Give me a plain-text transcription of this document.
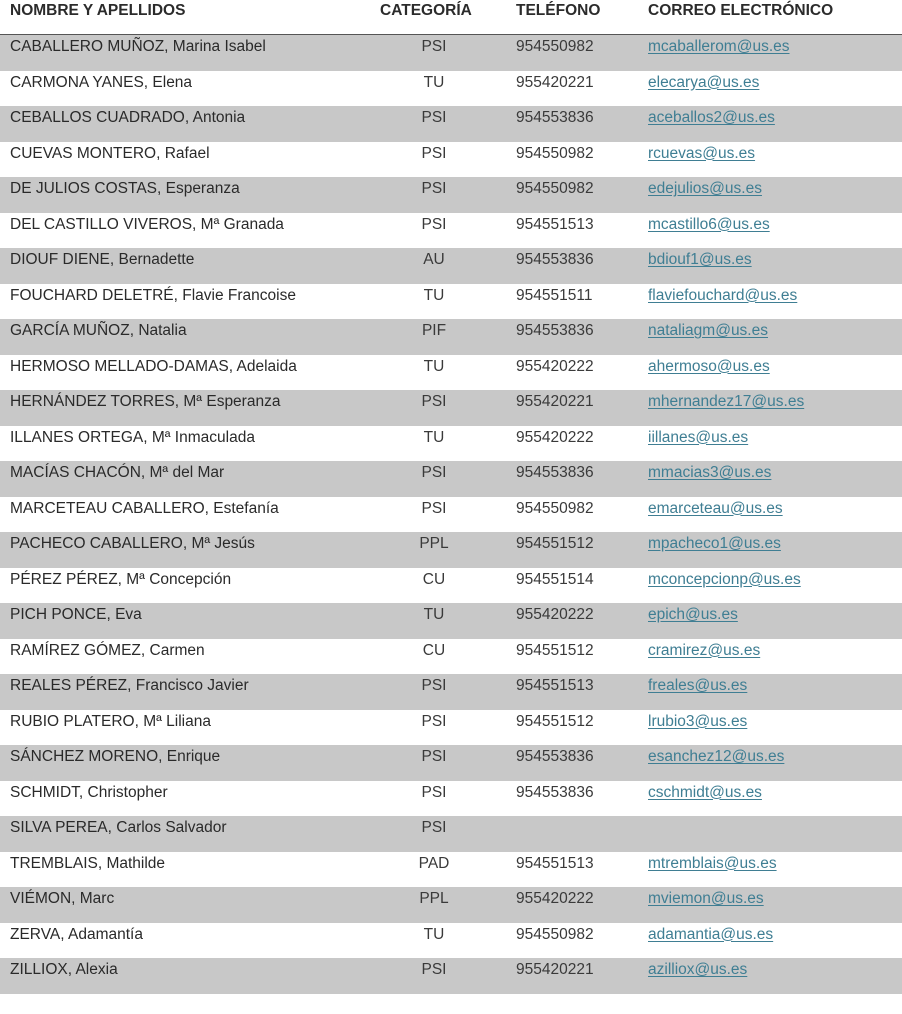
NOMBRE Y APELLIDOS	CATEGORÍA	TELÉFONO	CORREO ELECTRÓNICO
CABALLERO MUÑOZ, Marina Isabel	PSI	954550982	mcaballerom@us.es
CARMONA YANES, Elena	TU	955420221	elecarya@us.es
CEBALLOS CUADRADO, Antonia	PSI	954553836	aceballos2@us.es
CUEVAS MONTERO, Rafael	PSI	954550982	rcuevas@us.es
DE JULIOS COSTAS, Esperanza	PSI	954550982	edejulios@us.es
DEL CASTILLO VIVEROS, Mª Granada	PSI	954551513	mcastillo6@us.es
DIOUF DIENE, Bernadette	AU	954553836	bdiouf1@us.es
FOUCHARD DELETRÉ, Flavie Francoise	TU	954551511	flaviefouchard@us.es
GARCÍA MUÑOZ, Natalia	PIF	954553836	nataliagm@us.es
HERMOSO MELLADO-DAMAS, Adelaida	TU	955420222	ahermoso@us.es
HERNÁNDEZ TORRES, Mª Esperanza	PSI	955420221	mhernandez17@us.es
ILLANES ORTEGA, Mª Inmaculada	TU	955420222	iillanes@us.es
MACÍAS CHACÓN, Mª del Mar	PSI	954553836	mmacias3@us.es
MARCETEAU CABALLERO, Estefanía	PSI	954550982	emarceteau@us.es
PACHECO CABALLERO, Mª Jesús	PPL	954551512	mpacheco1@us.es
PÉREZ PÉREZ, Mª Concepción	CU	954551514	mconcepcionp@us.es
PICH PONCE, Eva	TU	955420222	epich@us.es
RAMÍREZ GÓMEZ, Carmen	CU	954551512	cramirez@us.es
REALES PÉREZ, Francisco Javier	PSI	954551513	freales@us.es
RUBIO PLATERO, Mª Liliana	PSI	954551512	lrubio3@us.es
SÁNCHEZ MORENO, Enrique	PSI	954553836	esanchez12@us.es
SCHMIDT, Christopher	PSI	954553836	cschmidt@us.es
SILVA PEREA, Carlos Salvador	PSI
TREMBLAIS, Mathilde	PAD	954551513	mtremblais@us.es
VIÉMON, Marc	PPL	955420222	mviemon@us.es
ZERVA, Adamantía	TU	954550982	adamantia@us.es
ZILLIOX, Alexia	PSI	955420221	azilliox@us.es
